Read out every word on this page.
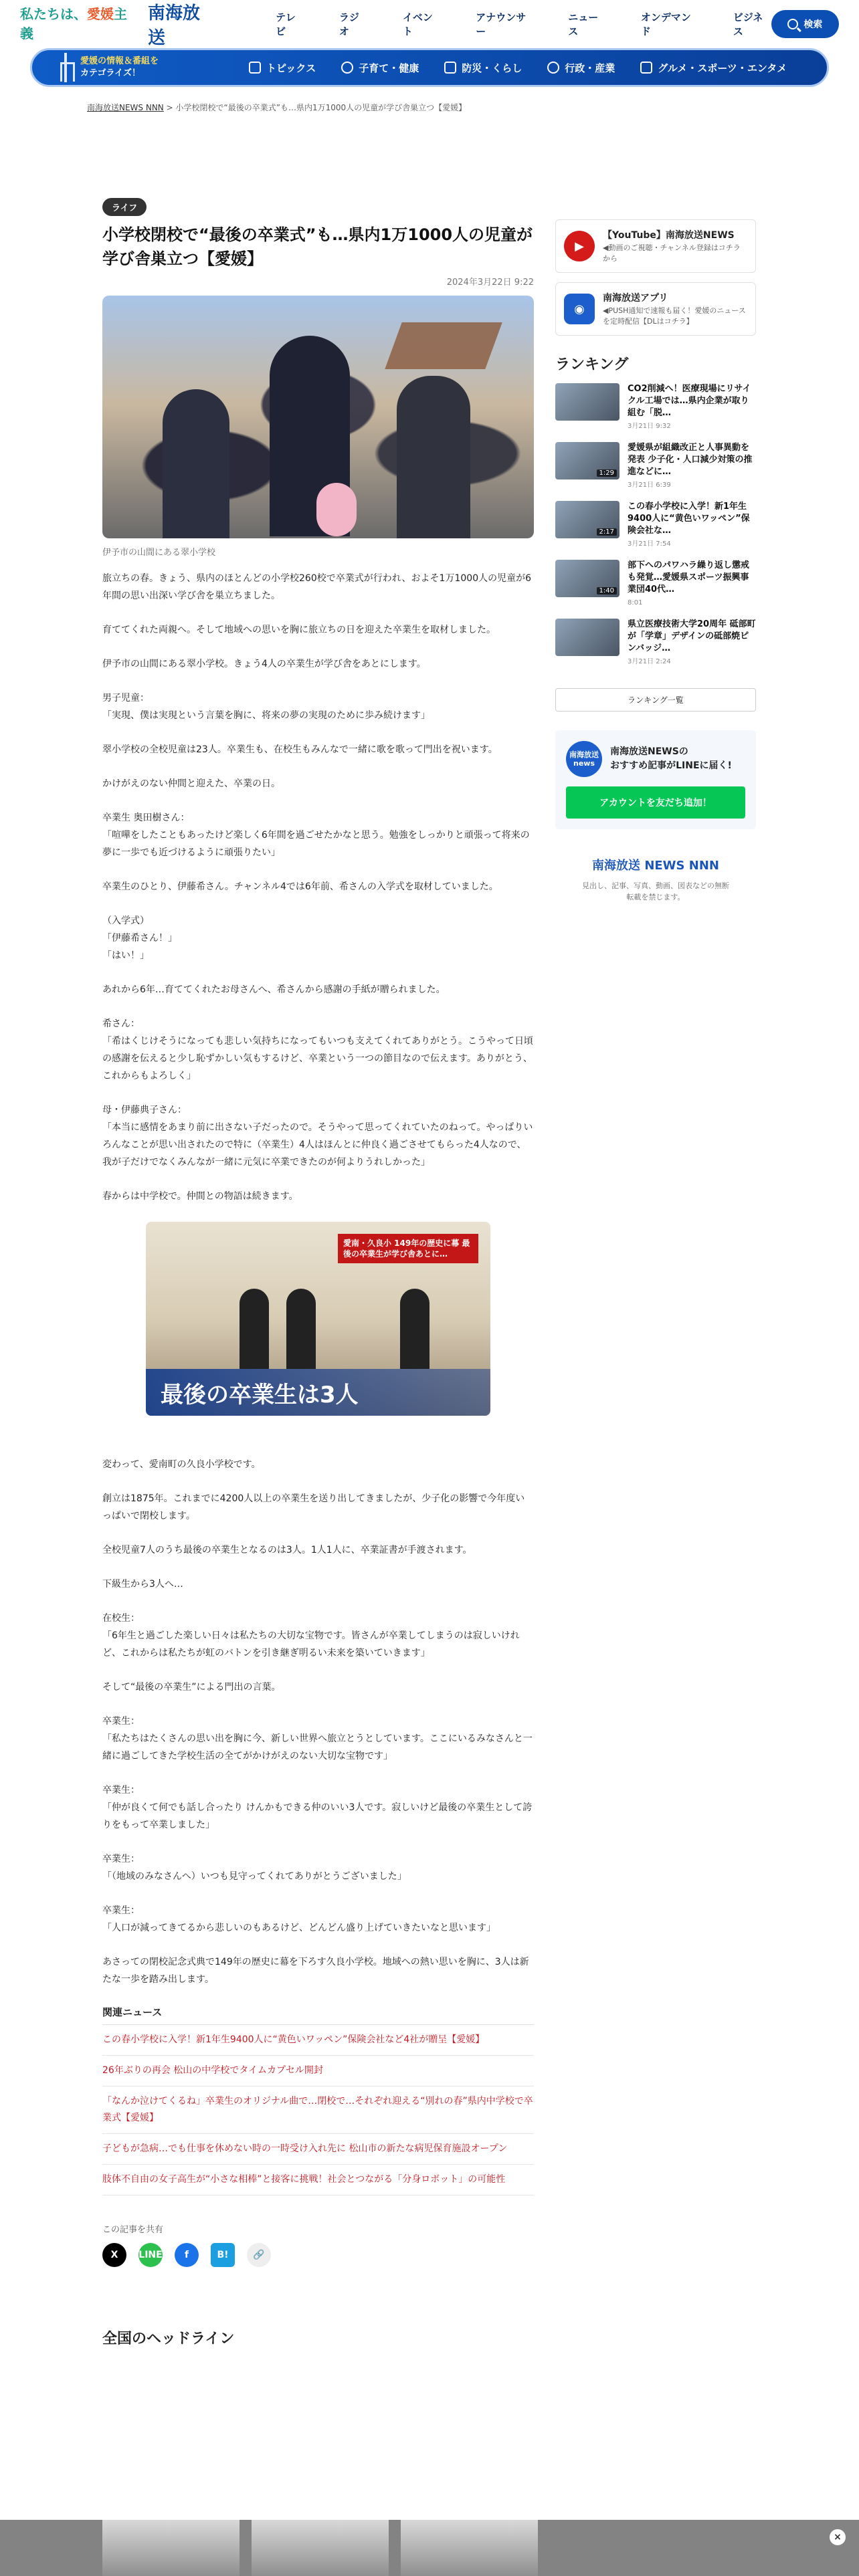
私たちは、愛媛主義
南海放送
テレビ
ラジオ
イベント
アナウンサー
ニュース
オンデマンド
ビジネス
検索
愛媛の情報＆番組を
カテゴライズ！	トピックス	子育て・健康	防災・くらし	行政・産業	グルメ・スポーツ・エンタメ
南海放送NEWS NNN > 小学校閉校で“最後の卒業式”も…県内1万1000人の児童が学び舎巣立つ【愛媛】
ライフ
小学校閉校で“最後の卒業式”も…県内1万1000人の児童が学び舎巣立つ【愛媛】
2024年3月22日 9:22
伊予市の山間にある翠小学校

旅立ちの春。きょう、県内のほとんどの小学校260校で卒業式が行われ、およそ1万1000人の児童が6年間の思い出深い学び舎を巣立ちました。

育ててくれた両親へ。そして地域への思いを胸に旅立ちの日を迎えた卒業生を取材しました。

伊予市の山間にある翠小学校。きょう4人の卒業生が学び舎をあとにします。

男子児童：
「実現、僕は実現という言葉を胸に、将来の夢の実現のために歩み続けます」

翠小学校の全校児童は23人。卒業生も、在校生もみんなで一緒に歌を歌って門出を祝います。

かけがえのない仲間と迎えた、卒業の日。

卒業生 奥田樹さん：
「喧嘩をしたこともあったけど楽しく6年間を過ごせたかなと思う。勉強をしっかりと頑張って将来の夢に一歩でも近づけるように頑張りたい」

卒業生のひとり、伊藤希さん。チャンネル4では6年前、希さんの入学式を取材していました。

（入学式）
「伊藤希さん！」
「はい！」

あれから6年…育ててくれたお母さんへ、希さんから感謝の手紙が贈られました。

希さん：
「希はくじけそうになっても悲しい気持ちになってもいつも支えてくれてありがとう。こうやって日頃の感謝を伝えると少し恥ずかしい気もするけど、卒業という一つの節目なので伝えます。ありがとう、これからもよろしく」

母・伊藤典子さん：
「本当に感情をあまり前に出さない子だったので。そうやって思ってくれていたのねって。やっぱりいろんなことが思い出されたので特に（卒業生）4人はほんとに仲良く過ごさせてもらった4人なので、我が子だけでなくみんなが一緒に元気に卒業できたのが何よりうれしかった」

春からは中学校で。仲間との物語は続きます。

愛南・久良小 149年の歴史に幕 最後の卒業生が学び舎あとに…
最後の卒業生は3人

変わって、愛南町の久良小学校です。

創立は1875年。これまでに4200人以上の卒業生を送り出してきましたが、少子化の影響で今年度いっぱいで閉校します。

全校児童7人のうち最後の卒業生となるのは3人。1人1人に、卒業証書が手渡されます。

下級生から3人へ…

在校生：
「6年生と過ごした楽しい日々は私たちの大切な宝物です。皆さんが卒業してしまうのは寂しいけれど、これからは私たちが虹のバトンを引き継ぎ明るい未来を築いていきます」

そして“最後の卒業生”による門出の言葉。

卒業生：
「私たちはたくさんの思い出を胸に今、新しい世界へ旅立とうとしています。ここにいるみなさんと一緒に過ごしてきた学校生活の全てがかけがえのない大切な宝物です」

卒業生：
「仲が良くて何でも話し合ったり けんかもできる仲のいい3人です。寂しいけど最後の卒業生として誇りをもって卒業しました」

卒業生：
「（地域のみなさんへ）いつも見守ってくれてありがとうございました」

卒業生：
「人口が減ってきてるから悲しいのもあるけど、どんどん盛り上げていきたいなと思います」

あさっての閉校記念式典で149年の歴史に幕を下ろす久良小学校。地域への熱い思いを胸に、3人は新たな一歩を踏み出します。

関連ニュース
この春小学校に入学！新1年生9400人に“黄色いワッペン”保険会社など4社が贈呈【愛媛】
26年ぶりの再会 松山の中学校でタイムカプセル開封
「なんか泣けてくるね」卒業生のオリジナル曲で…閉校で…それぞれ迎える“別れの春”県内中学校で卒業式【愛媛】
子どもが急病…でも仕事を休めない時の一時受け入れ先に 松山市の新たな病児保育施設オープン
肢体不自由の女子高生が“小さな相棒”と接客に挑戦！社会とつながる「分身ロボット」の可能性
この記事を共有
X	LINE	f	B!	🔗
全国のヘッドライン
▶
【YouTube】南海放送NEWS
◀動画のご視聴・チャンネル登録はコチラから
◉
南海放送アプリ
◀PUSH通知で速報も届く！愛媛のニュースを定時配信【DLはコチラ】
ランキング
CO2削減へ！医療現場にリサイクル工場では…県内企業が取り組む「脱…
3月21日 9:32
1:29
愛媛県が組織改正と人事異動を発表 少子化・人口減少対策の推進などに…
3月21日 6:39
2:17
この春小学校に入学！新1年生9400人に“黄色いワッペン”保険会社な…
3月21日 7:54
1:40
部下へのパワハラ繰り返し懲戒も発覚…愛媛県スポーツ振興事業団40代…
8:01
県立医療技術大学20周年 砥部町が「学章」デザインの砥部焼ピンバッジ…
3月21日 2:24
ランキング一覧
南海放送 news
南海放送NEWSの
おすすめ記事がLINEに届く!
アカウントを友だち追加！
南海放送 NEWS NNN
見出し、記事、写真、動画、図表などの無断
転載を禁じます。
×
